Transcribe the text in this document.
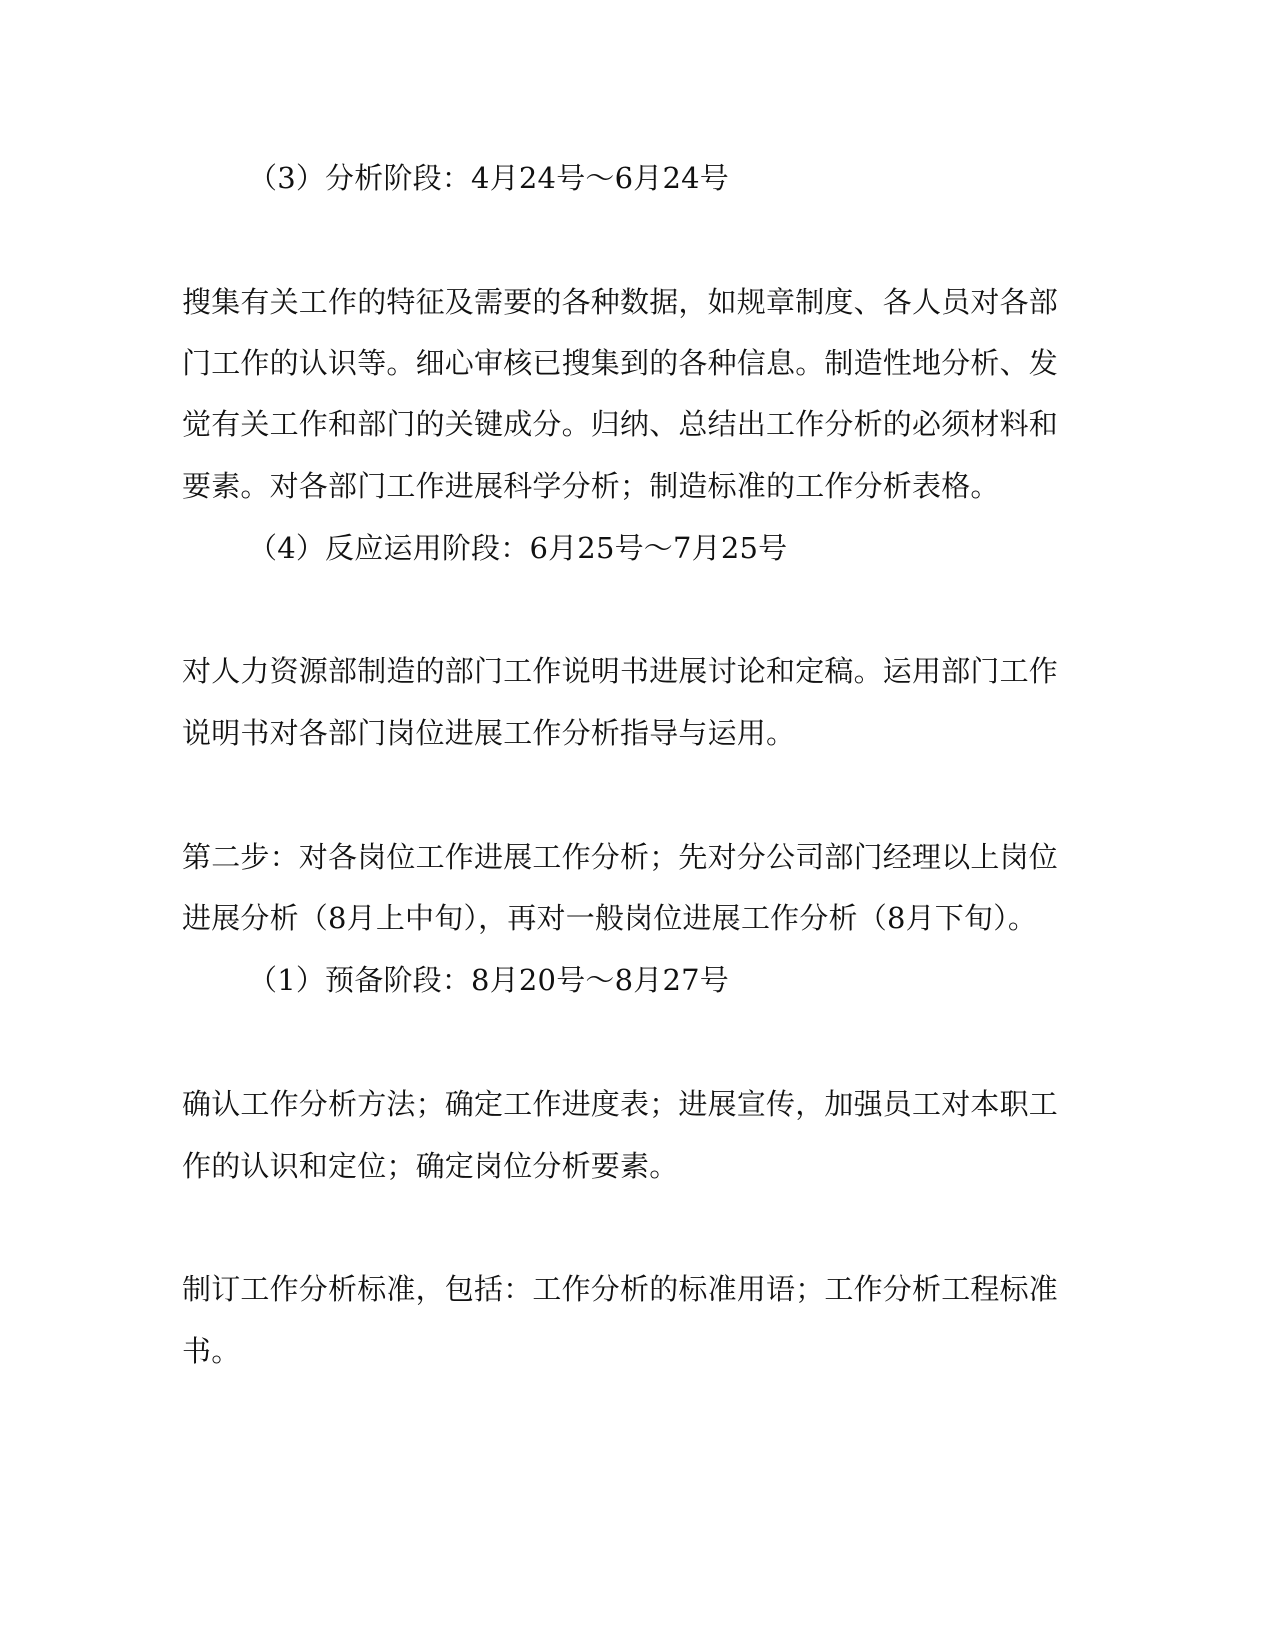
（3）分析阶段：4月24号～6月24号
搜集有关工作的特征及需要的各种数据，如规章制度、各人员对各部
门工作的认识等。细心审核已搜集到的各种信息。制造性地分析、发
觉有关工作和部门的关键成分。归纳、总结出工作分析的必须材料和
要素。对各部门工作进展科学分析；制造标准的工作分析表格。
（4）反应运用阶段：6月25号～7月25号
对人力资源部制造的部门工作说明书进展讨论和定稿。运用部门工作
说明书对各部门岗位进展工作分析指导与运用。
第二步：对各岗位工作进展工作分析；先对分公司部门经理以上岗位
进展分析（8月上中旬），再对一般岗位进展工作分析（8月下旬）。
（1）预备阶段：8月20号～8月27号
确认工作分析方法；确定工作进度表；进展宣传，加强员工对本职工
作的认识和定位；确定岗位分析要素。
制订工作分析标准，包括：工作分析的标准用语；工作分析工程标准
书。
